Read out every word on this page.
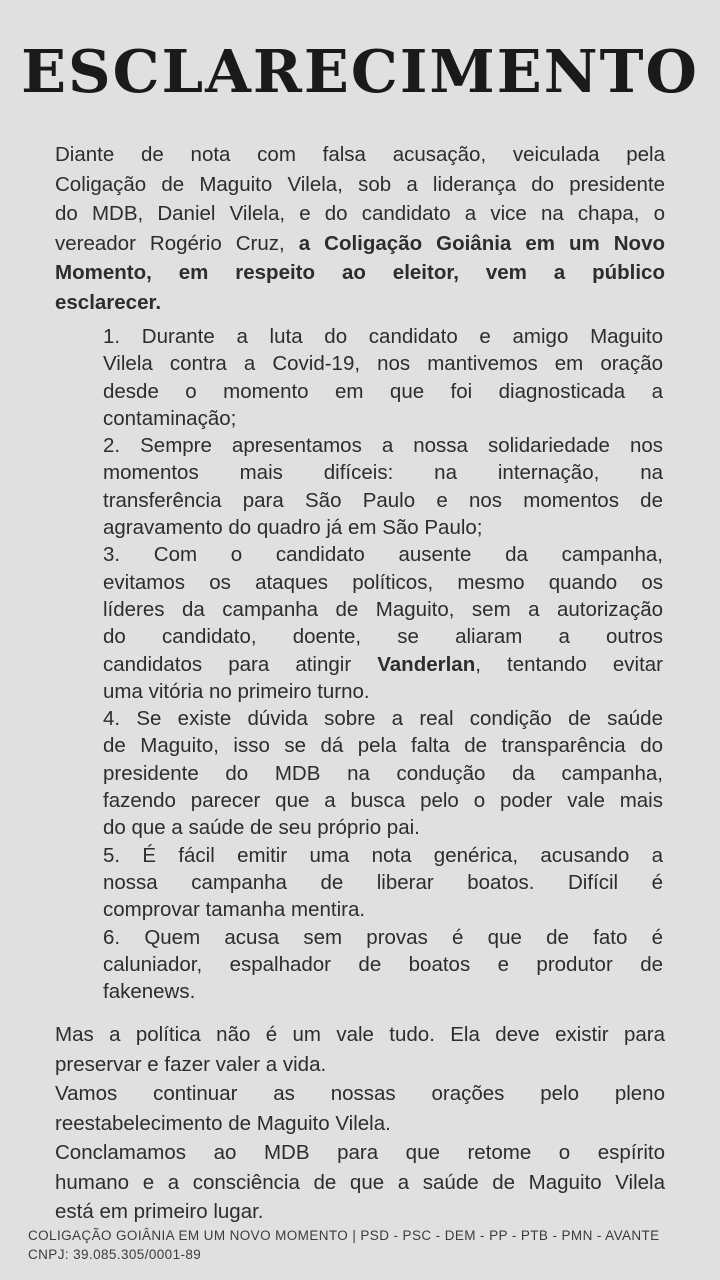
ESCLARECIMENTO
Diante de nota com falsa acusação, veiculada pela
Coligação de Maguito Vilela, sob a liderança do presidente
do MDB, Daniel Vilela, e do candidato a vice na chapa, o
vereador Rogério Cruz, a Coligação Goiânia em um Novo
Momento, em respeito ao eleitor, vem a público
esclarecer.
1. Durante a luta do candidato e amigo Maguito
Vilela contra a Covid-19, nos mantivemos em oração
desde o momento em que foi diagnosticada a
contaminação;
2. Sempre apresentamos a nossa solidariedade nos
momentos mais difíceis: na internação, na
transferência para São Paulo e nos momentos de
agravamento do quadro já em São Paulo;
3. Com o candidato ausente da campanha,
evitamos os ataques políticos, mesmo quando os
líderes da campanha de Maguito, sem a autorização
do candidato, doente, se aliaram a outros
candidatos para atingir Vanderlan, tentando evitar
uma vitória no primeiro turno.
4. Se existe dúvida sobre a real condição de saúde
de Maguito, isso se dá pela falta de transparência do
presidente do MDB na condução da campanha,
fazendo parecer que a busca pelo o poder vale mais
do que a saúde de seu próprio pai.
5. É fácil emitir uma nota genérica, acusando a
nossa campanha de liberar boatos. Difícil é
comprovar tamanha mentira.
6. Quem acusa sem provas é que de fato é
caluniador, espalhador de boatos e produtor de
fakenews.
Mas a política não é um vale tudo. Ela deve existir para
preservar e fazer valer a vida.
Vamos continuar as nossas orações pelo pleno
reestabelecimento de Maguito Vilela.
Conclamamos ao MDB para que retome o espírito
humano e a consciência de que a saúde de Maguito Vilela
está em primeiro lugar.
COLIGAÇÃO GOIÂNIA EM UM NOVO MOMENTO | PSD - PSC - DEM - PP - PTB - PMN - AVANTE
CNPJ: 39.085.305/0001-89
